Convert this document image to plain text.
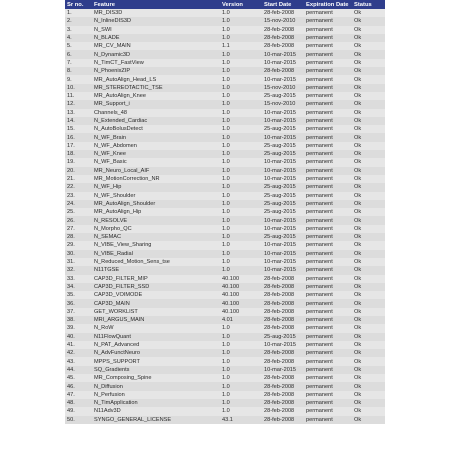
Sr no.	Feature	Version	Start Date	Expiration Date	Status
1.	MR_DIS3D	1.0	28-feb-2008	permanent	Ok
2.	N_InlineDIS3D	1.0	15-nov-2010	permanent	Ok
3.	N_SWI	1.0	28-feb-2008	permanent	Ok
4.	N_BLADE	1.0	28-feb-2008	permanent	Ok
5.	MR_CV_MAIN	1.1	28-feb-2008	permanent	Ok
6.	N_Dynamic3D	1.0	10-mar-2015	permanent	Ok
7.	N_TimCT_FastView	1.0	10-mar-2015	permanent	Ok
8.	N_PhoenixZIP	1.0	28-feb-2008	permanent	Ok
9.	MR_AutoAlign_Head_LS	1.0	10-mar-2015	permanent	Ok
10.	MR_STEREOTACTIC_TSE	1.0	15-nov-2010	permanent	Ok
11.	MR_AutoAlign_Knee	1.0	25-aug-2015	permanent	Ok
12.	MR_Support_i	1.0	15-nov-2010	permanent	Ok
13.	Channels_48	1.0	10-mar-2015	permanent	Ok
14.	N_Extended_Cardiac	1.0	10-mar-2015	permanent	Ok
15.	N_AutoBolusDetect	1.0	25-aug-2015	permanent	Ok
16.	N_WF_Brain	1.0	10-mar-2015	permanent	Ok
17.	N_WF_Abdomen	1.0	25-aug-2015	permanent	Ok
18.	N_WF_Knee	1.0	25-aug-2015	permanent	Ok
19.	N_WF_Basic	1.0	10-mar-2015	permanent	Ok
20.	MR_Neuro_Local_AIF	1.0	10-mar-2015	permanent	Ok
21.	MR_MotionCorrection_NR	1.0	10-mar-2015	permanent	Ok
22.	N_WF_Hip	1.0	25-aug-2015	permanent	Ok
23.	N_WF_Shoulder	1.0	25-aug-2015	permanent	Ok
24.	MR_AutoAlign_Shoulder	1.0	25-aug-2015	permanent	Ok
25.	MR_AutoAlign_Hip	1.0	25-aug-2015	permanent	Ok
26.	N_RESOLVE	1.0	10-mar-2015	permanent	Ok
27.	N_Morpho_QC	1.0	10-mar-2015	permanent	Ok
28.	N_SEMAC	1.0	25-aug-2015	permanent	Ok
29.	N_VIBE_View_Sharing	1.0	10-mar-2015	permanent	Ok
30.	N_VIBE_Radial	1.0	10-mar-2015	permanent	Ok
31.	N_Reduced_Motion_Sens_tse	1.0	10-mar-2015	permanent	Ok
32.	N11TGSE	1.0	10-mar-2015	permanent	Ok
33.	CAP3D_FILTER_MIP	40.100	28-feb-2008	permanent	Ok
34.	CAP3D_FILTER_SSD	40.100	28-feb-2008	permanent	Ok
35.	CAP3D_VOIMODE	40.100	28-feb-2008	permanent	Ok
36.	CAP3D_MAIN	40.100	28-feb-2008	permanent	Ok
37.	GET_WORKLIST	40.100	28-feb-2008	permanent	Ok
38.	MRI_ARGUS_MAIN	4.01	28-feb-2008	permanent	Ok
39.	N_RoW	1.0	28-feb-2008	permanent	Ok
40.	N11FlowQuant	1.0	25-aug-2015	permanent	Ok
41.	N_PAT_Advanced	1.0	10-mar-2015	permanent	Ok
42.	N_AdvFunctNeuro	1.0	28-feb-2008	permanent	Ok
43.	MPPS_SUPPORT	1.0	28-feb-2008	permanent	Ok
44.	SQ_Gradients	1.0	10-mar-2015	permanent	Ok
45.	MR_Composing_Spine	1.0	28-feb-2008	permanent	Ok
46.	N_Diffusion	1.0	28-feb-2008	permanent	Ok
47.	N_Perfusion	1.0	28-feb-2008	permanent	Ok
48.	N_TimApplication	1.0	28-feb-2008	permanent	Ok
49.	N11Adv3D	1.0	28-feb-2008	permanent	Ok
50.	SYNGO_GENERAL_LICENSE	43.1	28-feb-2008	permanent	Ok
